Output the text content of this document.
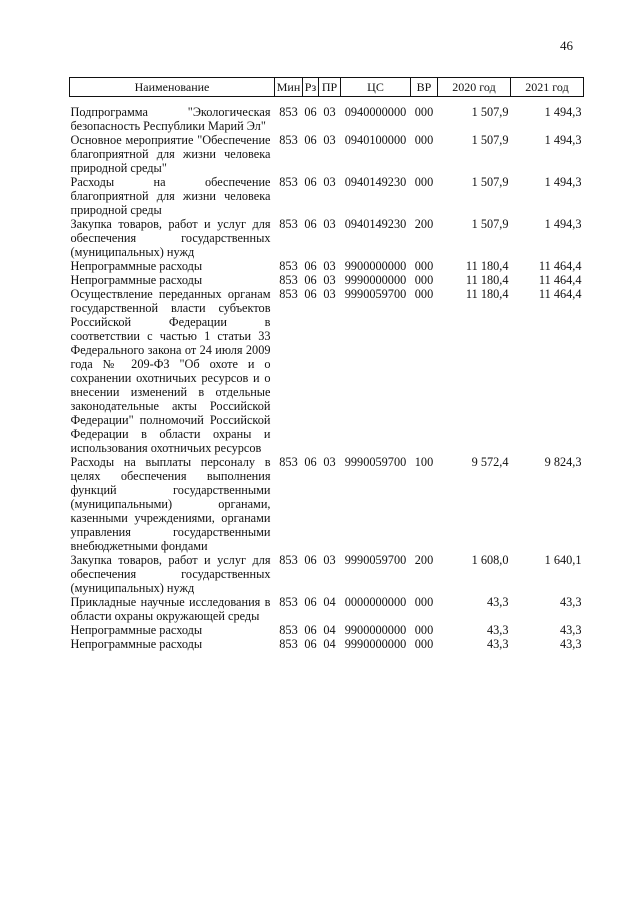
46
Наименование	Мин	Рз	ПР	ЦС	ВР	2020 год	2021 год
Подпрограмма "Экологическая безопасность Республики Марий Эл"	853	06	03	0940000000	000	1 507,9	1 494,3
Основное мероприятие "Обеспечение благоприятной для жизни человека природной среды"	853	06	03	0940100000	000	1 507,9	1 494,3
Расходы на обеспечение благоприятной для жизни человека природной среды	853	06	03	0940149230	000	1 507,9	1 494,3
Закупка товаров, работ и услуг для обеспечения государственных (муниципальных) нужд	853	06	03	0940149230	200	1 507,9	1 494,3
Непрограммные расходы	853	06	03	9900000000	000	11 180,4	11 464,4
Непрограммные расходы	853	06	03	9990000000	000	11 180,4	11 464,4
Осуществление переданных органам государственной власти субъектов Российской Федерации в соответствии с частью 1 статьи 33 Федерального закона от 24 июля 2009 года № 209-ФЗ "Об охоте и о сохранении охотничьих ресурсов и о внесении изменений в отдельные законодательные акты Российской Федерации" полномочий Российской Федерации в области охраны и использования охотничьих ресурсов	853	06	03	9990059700	000	11 180,4	11 464,4
Расходы на выплаты персоналу в целях обеспечения выполнения функций государственными (муниципальными) органами, казенными учреждениями, органами управления государственными внебюджетными фондами	853	06	03	9990059700	100	9 572,4	9 824,3
Закупка товаров, работ и услуг для обеспечения государственных (муниципальных) нужд	853	06	03	9990059700	200	1 608,0	1 640,1
Прикладные научные исследования в области охраны окружающей среды	853	06	04	0000000000	000	43,3	43,3
Непрограммные расходы	853	06	04	9900000000	000	43,3	43,3
Непрограммные расходы	853	06	04	9990000000	000	43,3	43,3
